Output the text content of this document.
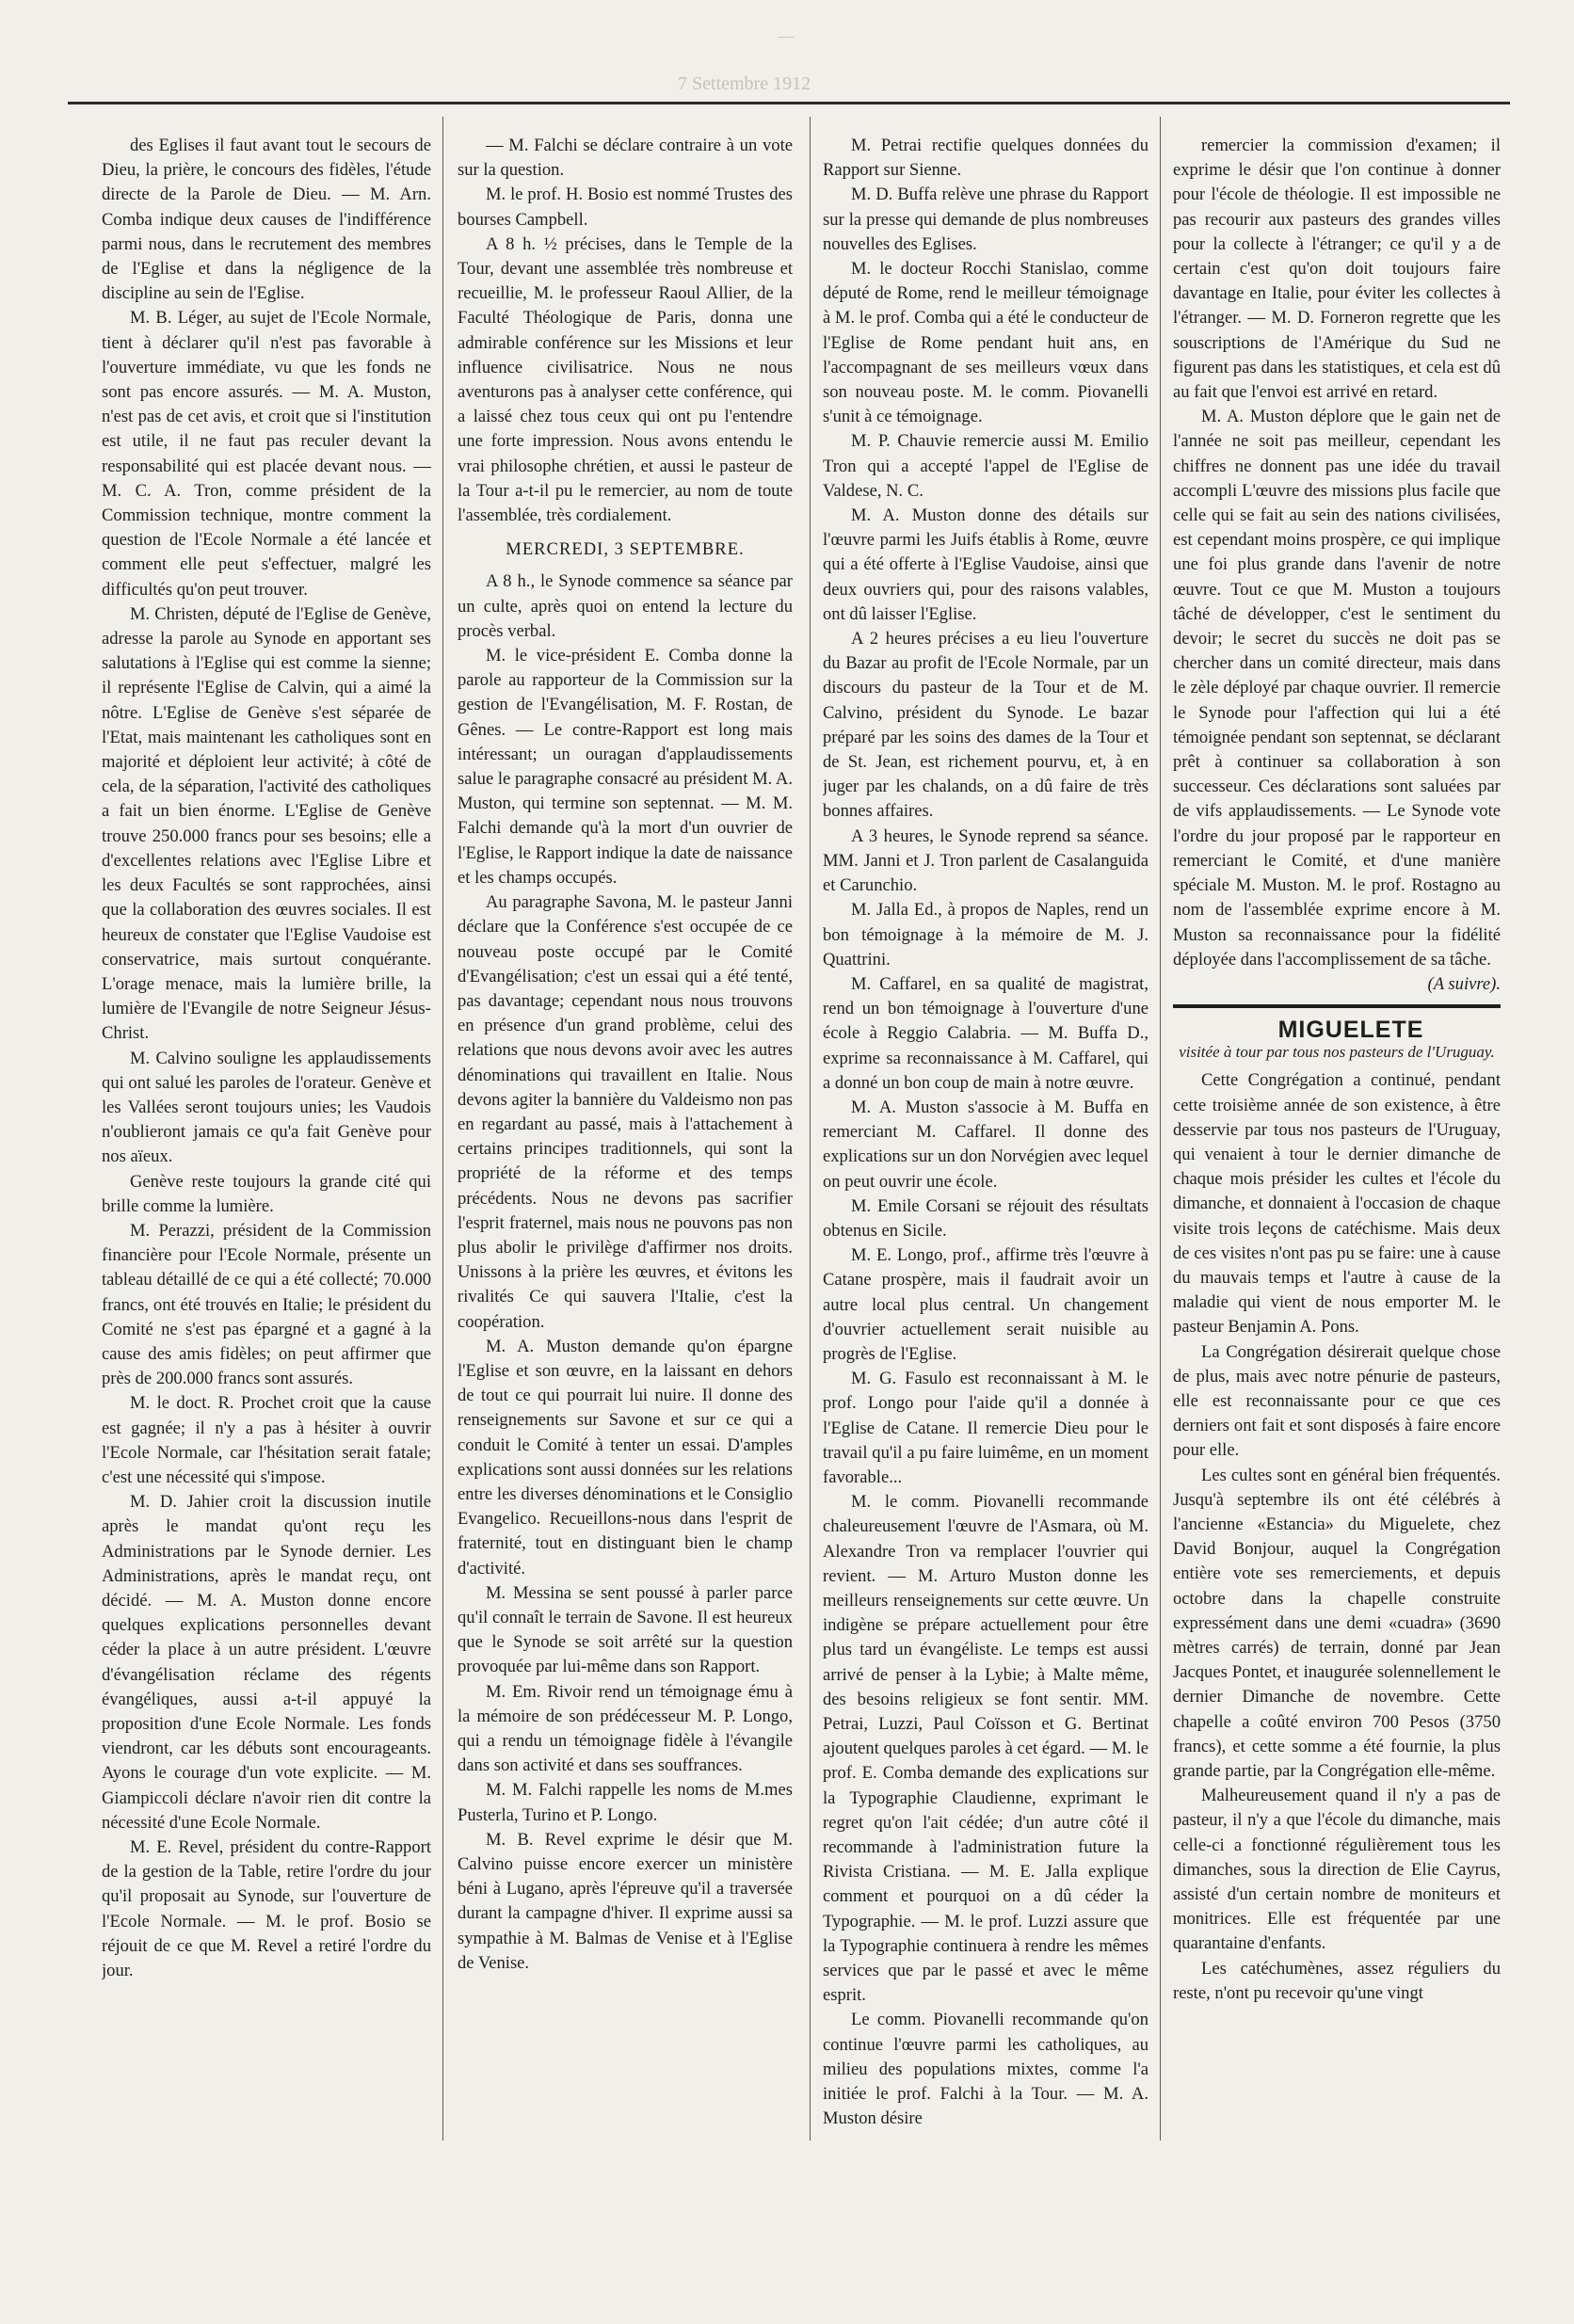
—
7 Settembre 1912

des Eglises il faut avant tout le secours de Dieu, la prière, le concours des fidèles, l'étude directe de la Parole de Dieu. — M. Arn. Comba indique deux causes de l'indifférence parmi nous, dans le recrutement des membres de l'Eglise et dans la négligence de la discipline au sein de l'Eglise.

M. B. Léger, au sujet de l'Ecole Normale, tient à déclarer qu'il n'est pas favorable à l'ouverture immédiate, vu que les fonds ne sont pas encore assurés. — M. A. Muston, n'est pas de cet avis, et croit que si l'institution est utile, il ne faut pas reculer devant la responsabilité qui est placée devant nous. — M. C. A. Tron, comme président de la Commission technique, montre comment la question de l'Ecole Normale a été lancée et comment elle peut s'effectuer, malgré les difficultés qu'on peut trouver.

M. Christen, député de l'Eglise de Genève, adresse la parole au Synode en apportant ses salutations à l'Eglise qui est comme la sienne; il représente l'Eglise de Calvin, qui a aimé la nôtre. L'Eglise de Genève s'est séparée de l'Etat, mais maintenant les catholiques sont en majorité et déploient leur activité; à côté de cela, de la séparation, l'activité des catholiques a fait un bien énorme. L'Eglise de Genève trouve 250.000 francs pour ses besoins; elle a d'excellentes relations avec l'Eglise Libre et les deux Facultés se sont rapprochées, ainsi que la collaboration des œuvres sociales. Il est heureux de constater que l'Eglise Vaudoise est conservatrice, mais surtout conquérante. L'orage menace, mais la lumière brille, la lumière de l'Evangile de notre Seigneur Jésus-Christ.

M. Calvino souligne les applaudissements qui ont salué les paroles de l'orateur. Genève et les Vallées seront toujours unies; les Vaudois n'oublieront jamais ce qu'a fait Genève pour nos aïeux.

Genève reste toujours la grande cité qui brille comme la lumière.

M. Perazzi, président de la Commission financière pour l'Ecole Normale, présente un tableau détaillé de ce qui a été collecté; 70.000 francs, ont été trouvés en Italie; le président du Comité ne s'est pas épargné et a gagné à la cause des amis fidèles; on peut affirmer que près de 200.000 francs sont assurés.

M. le doct. R. Prochet croit que la cause est gagnée; il n'y a pas à hésiter à ouvrir l'Ecole Normale, car l'hésitation serait fatale; c'est une nécessité qui s'impose.

M. D. Jahier croit la discussion inutile après le mandat qu'ont reçu les Administrations par le Synode dernier. Les Administrations, après le mandat reçu, ont décidé. — M. A. Muston donne encore quelques explications personnelles devant céder la place à un autre président. L'œuvre d'évangélisation réclame des régents évangéliques, aussi a-t-il appuyé la proposition d'une Ecole Normale. Les fonds viendront, car les débuts sont encourageants. Ayons le courage d'un vote explicite. — M. Giampiccoli déclare n'avoir rien dit contre la nécessité d'une Ecole Normale.

M. E. Revel, président du contre-Rapport de la gestion de la Table, retire l'ordre du jour qu'il proposait au Synode, sur l'ouverture de l'Ecole Normale. — M. le prof. Bosio se réjouit de ce que M. Revel a retiré l'ordre du jour.

— M. Falchi se déclare contraire à un vote sur la question.

M. le prof. H. Bosio est nommé Trustes des bourses Campbell.

A 8 h. ½ précises, dans le Temple de la Tour, devant une assemblée très nombreuse et recueillie, M. le professeur Raoul Allier, de la Faculté Théologique de Paris, donna une admirable conférence sur les Missions et leur influence civilisatrice. Nous ne nous aventurons pas à analyser cette conférence, qui a laissé chez tous ceux qui ont pu l'entendre une forte impression. Nous avons entendu le vrai philosophe chrétien, et aussi le pasteur de la Tour a-t-il pu le remercier, au nom de toute l'assemblée, très cordialement.

MERCREDI, 3 SEPTEMBRE.

A 8 h., le Synode commence sa séance par un culte, après quoi on entend la lecture du procès verbal.

M. le vice-président E. Comba donne la parole au rapporteur de la Commission sur la gestion de l'Evangélisation, M. F. Rostan, de Gênes. — Le contre-Rapport est long mais intéressant; un ouragan d'applaudissements salue le paragraphe consacré au président M. A. Muston, qui termine son septennat. — M. M. Falchi demande qu'à la mort d'un ouvrier de l'Eglise, le Rapport indique la date de naissance et les champs occupés.

Au paragraphe Savona, M. le pasteur Janni déclare que la Conférence s'est occupée de ce nouveau poste occupé par le Comité d'Evangélisation; c'est un essai qui a été tenté, pas davantage; cependant nous nous trouvons en présence d'un grand problème, celui des relations que nous devons avoir avec les autres dénominations qui travaillent en Italie. Nous devons agiter la bannière du Valdeismo non pas en regardant au passé, mais à l'attachement à certains principes traditionnels, qui sont la propriété de la réforme et des temps précédents. Nous ne devons pas sacrifier l'esprit fraternel, mais nous ne pouvons pas non plus abolir le privilège d'affirmer nos droits. Unissons à la prière les œuvres, et évitons les rivalités Ce qui sauvera l'Italie, c'est la coopération.

M. A. Muston demande qu'on épargne l'Eglise et son œuvre, en la laissant en dehors de tout ce qui pourrait lui nuire. Il donne des renseignements sur Savone et sur ce qui a conduit le Comité à tenter un essai. D'amples explications sont aussi données sur les relations entre les diverses dénominations et le Consiglio Evangelico. Recueillons-nous dans l'esprit de fraternité, tout en distinguant bien le champ d'activité.

M. Messina se sent poussé à parler parce qu'il connaît le terrain de Savone. Il est heureux que le Synode se soit arrêté sur la question provoquée par lui-même dans son Rapport.

M. Em. Rivoir rend un témoignage ému à la mémoire de son prédécesseur M. P. Longo, qui a rendu un témoignage fidèle à l'évangile dans son activité et dans ses souffrances.

M. M. Falchi rappelle les noms de M.mes Pusterla, Turino et P. Longo.

M. B. Revel exprime le désir que M. Calvino puisse encore exercer un ministère béni à Lugano, après l'épreuve qu'il a traversée durant la campagne d'hiver. Il exprime aussi sa sympathie à M. Balmas de Venise et à l'Eglise de Venise.

M. Petrai rectifie quelques données du Rapport sur Sienne.

M. D. Buffa relève une phrase du Rapport sur la presse qui demande de plus nombreuses nouvelles des Eglises.

M. le docteur Rocchi Stanislao, comme député de Rome, rend le meilleur témoignage à M. le prof. Comba qui a été le conducteur de l'Eglise de Rome pendant huit ans, en l'accompagnant de ses meilleurs vœux dans son nouveau poste. M. le comm. Piovanelli s'unit à ce témoignage.

M. P. Chauvie remercie aussi M. Emilio Tron qui a accepté l'appel de l'Eglise de Valdese, N. C.

M. A. Muston donne des détails sur l'œuvre parmi les Juifs établis à Rome, œuvre qui a été offerte à l'Eglise Vaudoise, ainsi que deux ouvriers qui, pour des raisons valables, ont dû laisser l'Eglise.

A 2 heures précises a eu lieu l'ouverture du Bazar au profit de l'Ecole Normale, par un discours du pasteur de la Tour et de M. Calvino, président du Synode. Le bazar préparé par les soins des dames de la Tour et de St. Jean, est richement pourvu, et, à en juger par les chalands, on a dû faire de très bonnes affaires.

A 3 heures, le Synode reprend sa séance. MM. Janni et J. Tron parlent de Casalanguida et Carunchio.

M. Jalla Ed., à propos de Naples, rend un bon témoignage à la mémoire de M. J. Quattrini.

M. Caffarel, en sa qualité de magistrat, rend un bon témoignage à l'ouverture d'une école à Reggio Calabria. — M. Buffa D., exprime sa reconnaissance à M. Caffarel, qui a donné un bon coup de main à notre œuvre.

M. A. Muston s'associe à M. Buffa en remerciant M. Caffarel. Il donne des explications sur un don Norvégien avec lequel on peut ouvrir une école.

M. Emile Corsani se réjouit des résultats obtenus en Sicile.

M. E. Longo, prof., affirme très l'œuvre à Catane prospère, mais il faudrait avoir un autre local plus central. Un changement d'ouvrier actuellement serait nuisible au progrès de l'Eglise.

M. G. Fasulo est reconnaissant à M. le prof. Longo pour l'aide qu'il a donnée à l'Eglise de Catane. Il remercie Dieu pour le travail qu'il a pu faire luimême, en un moment favorable...

M. le comm. Piovanelli recommande chaleureusement l'œuvre de l'Asmara, où M. Alexandre Tron va remplacer l'ouvrier qui revient. — M. Arturo Muston donne les meilleurs renseignements sur cette œuvre. Un indigène se prépare actuellement pour être plus tard un évangéliste. Le temps est aussi arrivé de penser à la Lybie; à Malte même, des besoins religieux se font sentir. MM. Petrai, Luzzi, Paul Coïsson et G. Bertinat ajoutent quelques paroles à cet égard. — M. le prof. E. Comba demande des explications sur la Typographie Claudienne, exprimant le regret qu'on l'ait cédée; d'un autre côté il recommande à l'administration future la Rivista Cristiana. — M. E. Jalla explique comment et pourquoi on a dû céder la Typographie. — M. le prof. Luzzi assure que la Typographie continuera à rendre les mêmes services que par le passé et avec le même esprit.

Le comm. Piovanelli recommande qu'on continue l'œuvre parmi les catholiques, au milieu des populations mixtes, comme l'a initiée le prof. Falchi à la Tour. — M. A. Muston désire

remercier la commission d'examen; il exprime le désir que l'on continue à donner pour l'école de théologie. Il est impossible ne pas recourir aux pasteurs des grandes villes pour la collecte à l'étranger; ce qu'il y a de certain c'est qu'on doit toujours faire davantage en Italie, pour éviter les collectes à l'étranger. — M. D. Forneron regrette que les souscriptions de l'Amérique du Sud ne figurent pas dans les statistiques, et cela est dû au fait que l'envoi est arrivé en retard.

M. A. Muston déplore que le gain net de l'année ne soit pas meilleur, cependant les chiffres ne donnent pas une idée du travail accompli L'œuvre des missions plus facile que celle qui se fait au sein des nations civilisées, est cependant moins prospère, ce qui implique une foi plus grande dans l'avenir de notre œuvre. Tout ce que M. Muston a toujours tâché de développer, c'est le sentiment du devoir; le secret du succès ne doit pas se chercher dans un comité directeur, mais dans le zèle déployé par chaque ouvrier. Il remercie le Synode pour l'affection qui lui a été témoignée pendant son septennat, se déclarant prêt à continuer sa collaboration à son successeur. Ces déclarations sont saluées par de vifs applaudissements. — Le Synode vote l'ordre du jour proposé par le rapporteur en remerciant le Comité, et d'une manière spéciale M. Muston. M. le prof. Rostagno au nom de l'assemblée exprime encore à M. Muston sa reconnaissance pour la fidélité déployée dans l'accomplissement de sa tâche.

(A suivre).

MIGUELETE

visitée à tour par tous nos pasteurs de l'Uruguay.

Cette Congrégation a continué, pendant cette troisième année de son existence, à être desservie par tous nos pasteurs de l'Uruguay, qui venaient à tour le dernier dimanche de chaque mois présider les cultes et l'école du dimanche, et donnaient à l'occasion de chaque visite trois leçons de catéchisme. Mais deux de ces visites n'ont pas pu se faire: une à cause du mauvais temps et l'autre à cause de la maladie qui vient de nous emporter M. le pasteur Benjamin A. Pons.

La Congrégation désirerait quelque chose de plus, mais avec notre pénurie de pasteurs, elle est reconnaissante pour ce que ces derniers ont fait et sont disposés à faire encore pour elle.

Les cultes sont en général bien fréquentés. Jusqu'à septembre ils ont été célébrés à l'ancienne «Estancia» du Miguelete, chez David Bonjour, auquel la Congrégation entière vote ses remerciements, et depuis octobre dans la chapelle construite expressément dans une demi «cuadra» (3690 mètres carrés) de terrain, donné par Jean Jacques Pontet, et inaugurée solennellement le dernier Dimanche de novembre. Cette chapelle a coûté environ 700 Pesos (3750 francs), et cette somme a été fournie, la plus grande partie, par la Congrégation elle-même.

Malheureusement quand il n'y a pas de pasteur, il n'y a que l'école du dimanche, mais celle-ci a fonctionné régulièrement tous les dimanches, sous la direction de Elie Cayrus, assisté d'un certain nombre de moniteurs et monitrices. Elle est fréquentée par une quarantaine d'enfants.

Les catéchumènes, assez réguliers du reste, n'ont pu recevoir qu'une vingt
